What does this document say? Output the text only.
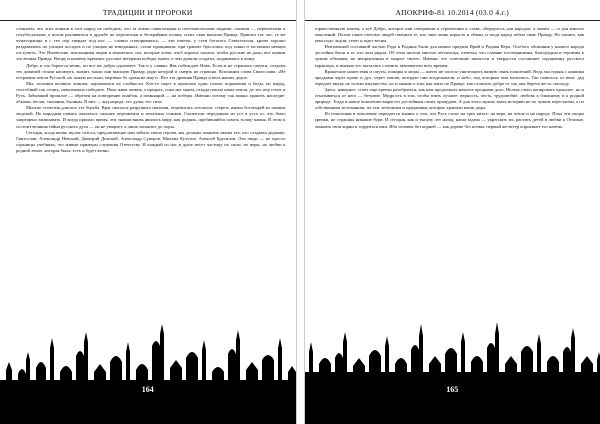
ТРАДИЦИИ И ПРОРОКИ

стояньем, что этих воинов в этот народ не победить, что за этими синеглазыми и светловолосыми людьми, сынами — перепитыми и голубоглазыми, а потом разливаться в дружбе по перелесьям и бескрайним полям, стоит сама высшая Правда. Пришел тот час, те же чужестранцы и с тех пор твердят под нос — словно сговорившись, — эти ответы, у стен богатого Севастополя, кроме хорошо раздаваемых по улицам посадов и по улицам не изведанных, стали пращником, при гранате бросались под танки и заставили немцев отступить. Это Языческие, поклонники чиров и языческих сил, которые хотят, чтоб хорошо пахали, чтобы русские не дали, вот нашим это вечная Правда. Впору и нашему времени: русские ветераны победы знаем, о чем думали солдаты, поднимаясь в атаку.

Добро и зло борются вечно, но все же добро одолевает. Так и у славян: Явь побеждает Навь. Если ж не страшась смерти, солдаты тех дивизий стояли насмерть, значит, знали они высшую Правду, ради которой и смерть не страшна. Вспомним слова Святослава: «Не посрамим земли Русской, но ляжем костьми, мертвые бо срама не имут». Вот эта древняя Правда и вела наших дедов.

Мы, потомки великих воинов, поражаемся их стойкости. Кто-то ищет в прошлом одни только поражения и беды, но народ, способный так стоять, невозможно победить. Пока жива память о предках, пока мы знаем, откуда пошла наша земля, до тех пор стоит и Русь. Забывший прошлое — обречен на повторение ошибок, а помнящий — на победы. Именно потому так важно хранить наследие: обычаи, песни, сказания, былины. В них — код народа, его душа, его сила.

Многие столетия длилась эта борьба. Враг пытался разрушить святыни, переписать летописи, стереть имена богатырей из памяти людской. Но народная память оказалась сильнее пергамента и печатных станков. Сказители передавали из уст в уста то, что было запрещено записывать. И когда пришло время, эти знания вновь явились миру, как родник, пробившийся сквозь толщу камня. В этом и состоит великая тайна русского духа — он не умирает, а лишь засыпает до поры.

Сегодня, когда вновь звучат голоса, предлагающие нам забыть своих героев, мы должны помнить имена тех, кто создавал державу: Святослав, Александр Невский, Дмитрий Донской, Александр Суворов, Михаил Кутузов, Алексей Брусилов. Эти люди — не просто страницы учебника, это живые примеры служения Отечеству. И каждый из нас в душе несет частицу их силы, их веры, их любви к родной земле, которая была, есть и будет вечно.

164
АПОКРИФ-81 10.2014 (03.0 4.г.)

торжественную клятву, а всё Добро, которое они совершили в стремлении к славе, обернулось для народов, а значит — и для многих поколений. Потом таких светлых людей сменили те, кто знал лишь корысть и обман, и тогда народ забыл свою Правду. Но память, как река подо льдом, течет и ждет весны.

Неизменной составной частью Рода и Родины были для наших предков Ирий и Родная Вера. Особого обожания у нашего народа достойны были и те, кто жил рядом. Об этом писали многие летописцы, отмечая, что славяне гостеприимны, благородны и терпимы к чужим обычаям, но непреклонны в защите своего. Именно это сочетание мягкости и твердости составляет сердцевину русского характера, и именно его пытались сломить завоеватели всех времен.

Вражеские нашествия и смуты, пожары и моры — ничто не смогло уничтожить живую связь поколений. Ведь мы едины с нашими предками через кровь и дух, через землю, которую они возделывали, и небо, под которым они молились. Так повелось от века: дед передает внуку не только имущество, но и знание о том, как жить по Правде, как отличать добро от зла, как беречь честь смолоду.

Здесь, наверное, стоит еще крепко разобраться, как нам продолжать начатое предками дело. Нельзя слепо копировать прошлое, но и отказываться от него — безумие. Мудрость в том, чтобы взять лучшее: верность, честь, трудолюбие, любовь к ближнему и к родной природе. Тогда и новое поколение вырастет достойным своих пращуров. А для этого нужно знать историю не по чужим пересказам, а по собственным источникам, по тем летописям и преданиям, которые хранили наши деды.

Из поколения в поколение передается знание о том, что Русь стоит на трех китах: на вере, на земле и на народе. Пока эти опоры крепки, не страшны никакие бури. И сегодня, как и тысячу лет назад, наша задача — укреплять их, растить детей в любви к Отчизне, помнить свои корни и гордиться ими. Ибо человек без корней — как дерево без почвы: первый же ветер опрокинет его наземь.

165
